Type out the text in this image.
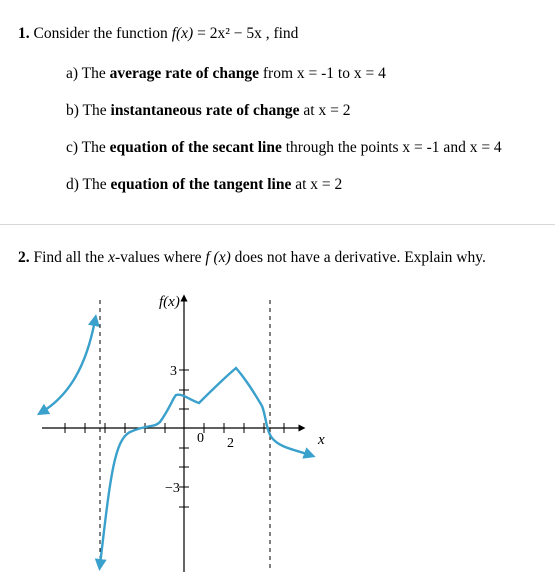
1. Consider the function f(x) = 2x² − 5x , find
a) The average rate of change from x = -1 to x = 4
b) The instantaneous rate of change at x = 2
c) The equation of the secant line through the points x = -1 and x = 4
d) The equation of the tangent line at x = 2
2. Find all the x-values where f (x) does not have a derivative. Explain why.
f(x)
x
3
−3
0 2
